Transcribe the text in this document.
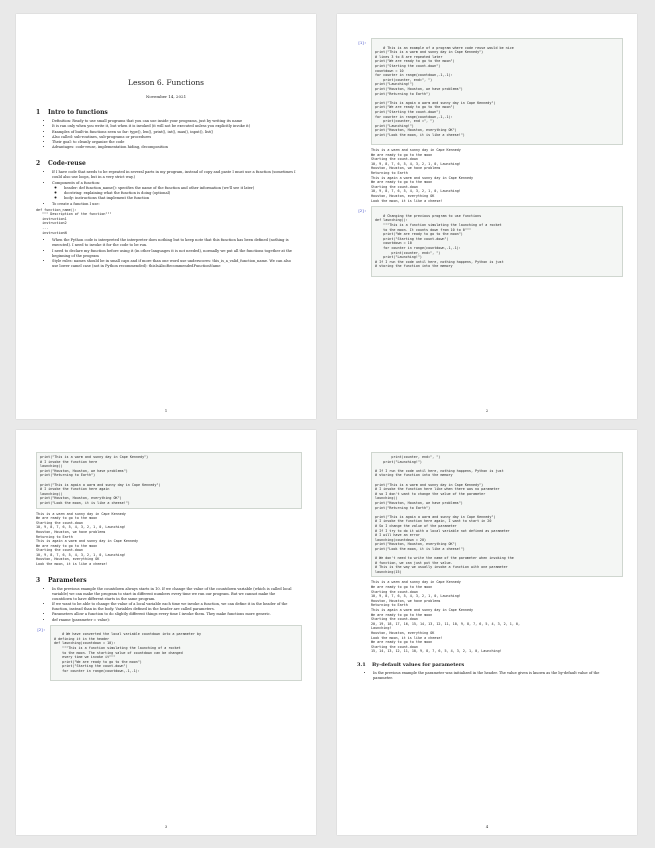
Lesson 6. Functions
November 14, 2021
1 Intro to functions
• Definition: Ready to use small programs that you can use inside your programs, just by writing its name
• It is ran only when you write it, but when it is invoked (it will not be executed unless you explicitly invoke it)
• Examples of built-in functions seen so far: type(), len(), print(), int(), max(), input(), list()
• Also called: sub-routines, sub-programs or procedures
• Their goal: to cleanly organize the code
• Advantages: code-reuse, implementation hiding, decomposition
2 Code-reuse
• If I have code that needs to be repeated in several parts in my program, instead of copy and paste I must use a function (sometimes I could also use loops, but in a very strict way.)
• Components of a function:
◦ header: def function_name(): specifies the name of the function and other information (we'll see it later)
◦ docstring: explaining what the function is doing (optional)
◦ body: instructions that implement the function
• To create a function I use:
def function_name():
""" Description of the function"""
instruction1
instruction2
...
instructionN
• When the Python code is interpreted the interpreter does nothing but to keep note that this function has been defined (nothing is executed). I need to invoke it for the code to be run.
• I need to declare my function before using it (in other languages it is not needed), normally we put all the functions together at the beginning of the program
• Style rules: names should be in small caps and if more than one word use underscores: this_is_a_valid_function_name. We can also use lower camel case (not in Python recommended): thisIsAlsoRecommendedFunctionName
1

[1]:
# This is an example of a program where code reuse would be nice
print("This is a warm and sunny day in Cape Kennedy")
# lines 3 to 8 are repeated later
print("We are ready to go to the moon")
print("Starting the count-down")
countdown = 10
for counter in range(countdown,-1,-1):
print(counter, end=", ")
print("Launching!")
print("Houston, Houston, we have problems")
print("Returning to Earth")

print("This is again a warm and sunny day in Cape Kennedy")
print("We are ready to go to the moon")
print("Starting the count-down")
for counter in range(countdown,-1,-1):
print(counter, end =", ")
print("Launching!")
print("Houston, Houston, everything OK")
print("Look the moon, it is like a cheese!")

This is a warm and sunny day in Cape Kennedy
We are ready to go to the moon
Starting the count-down
10, 9, 8, 7, 6, 5, 4, 3, 2, 1, 0, Launching!
Houston, Houston, we have problems
Returning to Earth
This is again a warm and sunny day in Cape Kennedy
We are ready to go to the moon
Starting the count-down
10, 9, 8, 7, 6, 5, 4, 3, 2, 1, 0, Launching!
Houston, Houston, everything OK
Look the moon, it is like a cheese!

[2]:
# Changing the previous program to use functions
def launching():
"""This is a function simulating the launching of a rocket
to the moon. It counts down from 10 to 0"""
print("We are ready to go to the moon")
print("Starting the count-down")
countdown = 10
for counter in range(countdown,-1,-1):
print(counter, end=", ")
print("Launching!")
# If I run the code until here, nothing happens, Python is just
# storing the function into the memory

2
print("This is a warm and sunny day in Cape Kennedy")
# I invoke the function here
launching()
print("Houston, Houston, we have problems")
print("Returning to Earth")

print("This is again a warm and sunny day in Cape Kennedy")
# I invoke the function here again
launching()
print("Houston, Houston, everything OK")
print("Look the moon, it is like a cheese!")
This is a warm and sunny day in Cape Kennedy
We are ready to go to the moon
Starting the count-down
10, 9, 8, 7, 6, 5, 4, 3, 2, 1, 0, Launching!
Houston, Houston, we have problems
Returning to Earth
This is again a warm and sunny day in Cape Kennedy
We are ready to go to the moon
Starting the count-down
10, 9, 8, 7, 6, 5, 4, 3, 2, 1, 0, Launching!
Houston, Houston, everything OK
Look the moon, it is like a cheese!
3 Parameters
• In the previous example the countdown always starts in 10. If we change the value of the countdown variable (which is called local variable) we can make the program to start in different numbers every time we run our program. But we cannot make the countdown to have different starts in the same program.
• If we want to be able to change the value of a local variable each time we invoke a function, we can define it in the header of the function, instead than in the body. Variables defined in the header are called parameters.
• Parameters allow a function to do slightly different things every time I invoke them. They make functions more generic.
• def rname (parameter = value):

[2]:
# We have converted the local variable countdown into a parameter by
# defining it in the header
def launching(countdown = 10):
"""This is a function simulating the launching of a rocket
to the moon. The starting value of countdown can be changed
every time we invoke it"""
print("We are ready to go to the moon")
print("Starting the count-down")
for counter in range(countdown,-1,-1):

3
print(counter, end=", ")
print("Launching!")

# If I run the code until here, nothing happens, Python is just
# storing the function into the memory

print("This is a warm and sunny day in Cape Kennedy")
# I invoke the function here like when there was no parameter
# so I don't want to change the value of the parameter
launching()
print("Houston, Houston, we have problems")
print("Returning to Earth")

print("This is again a warm and sunny day in Cape Kennedy")
# I invoke the function here again, I want to start in 20
# So I change the value of the parameter
# If I try to do it with a local variable not defined as parameter
# I will have an error
launching(countdown = 20)
print("Houston, Houston, everything OK")
print("Look the moon, it is like a cheese!")

# We don't need to write the name of the parameter when invoking the
# function, we can just put the value.
# This is the way we usually invoke a function with one parameter
launching(15)
This is a warm and sunny day in Cape Kennedy
We are ready to go to the moon
Starting the count-down
10, 9, 8, 7, 6, 5, 4, 3, 2, 1, 0, Launching!
Houston, Houston, we have problems
Returning to Earth
This is again a warm and sunny day in Cape Kennedy
We are ready to go to the moon
Starting the count-down
20, 19, 18, 17, 16, 15, 14, 13, 12, 11, 10, 9, 8, 7, 6, 5, 4, 3, 2, 1, 0,
Launching!
Houston, Houston, everything OK
Look the moon, it is like a cheese!
We are ready to go to the moon
Starting the count-down
15, 14, 13, 12, 11, 10, 9, 8, 7, 6, 5, 4, 3, 2, 1, 0, Launching!
3.1 By-default values for parameters
• In the previous example the parameter was initialized in the header. The value given is known as the by-default value of the parameter.
4
